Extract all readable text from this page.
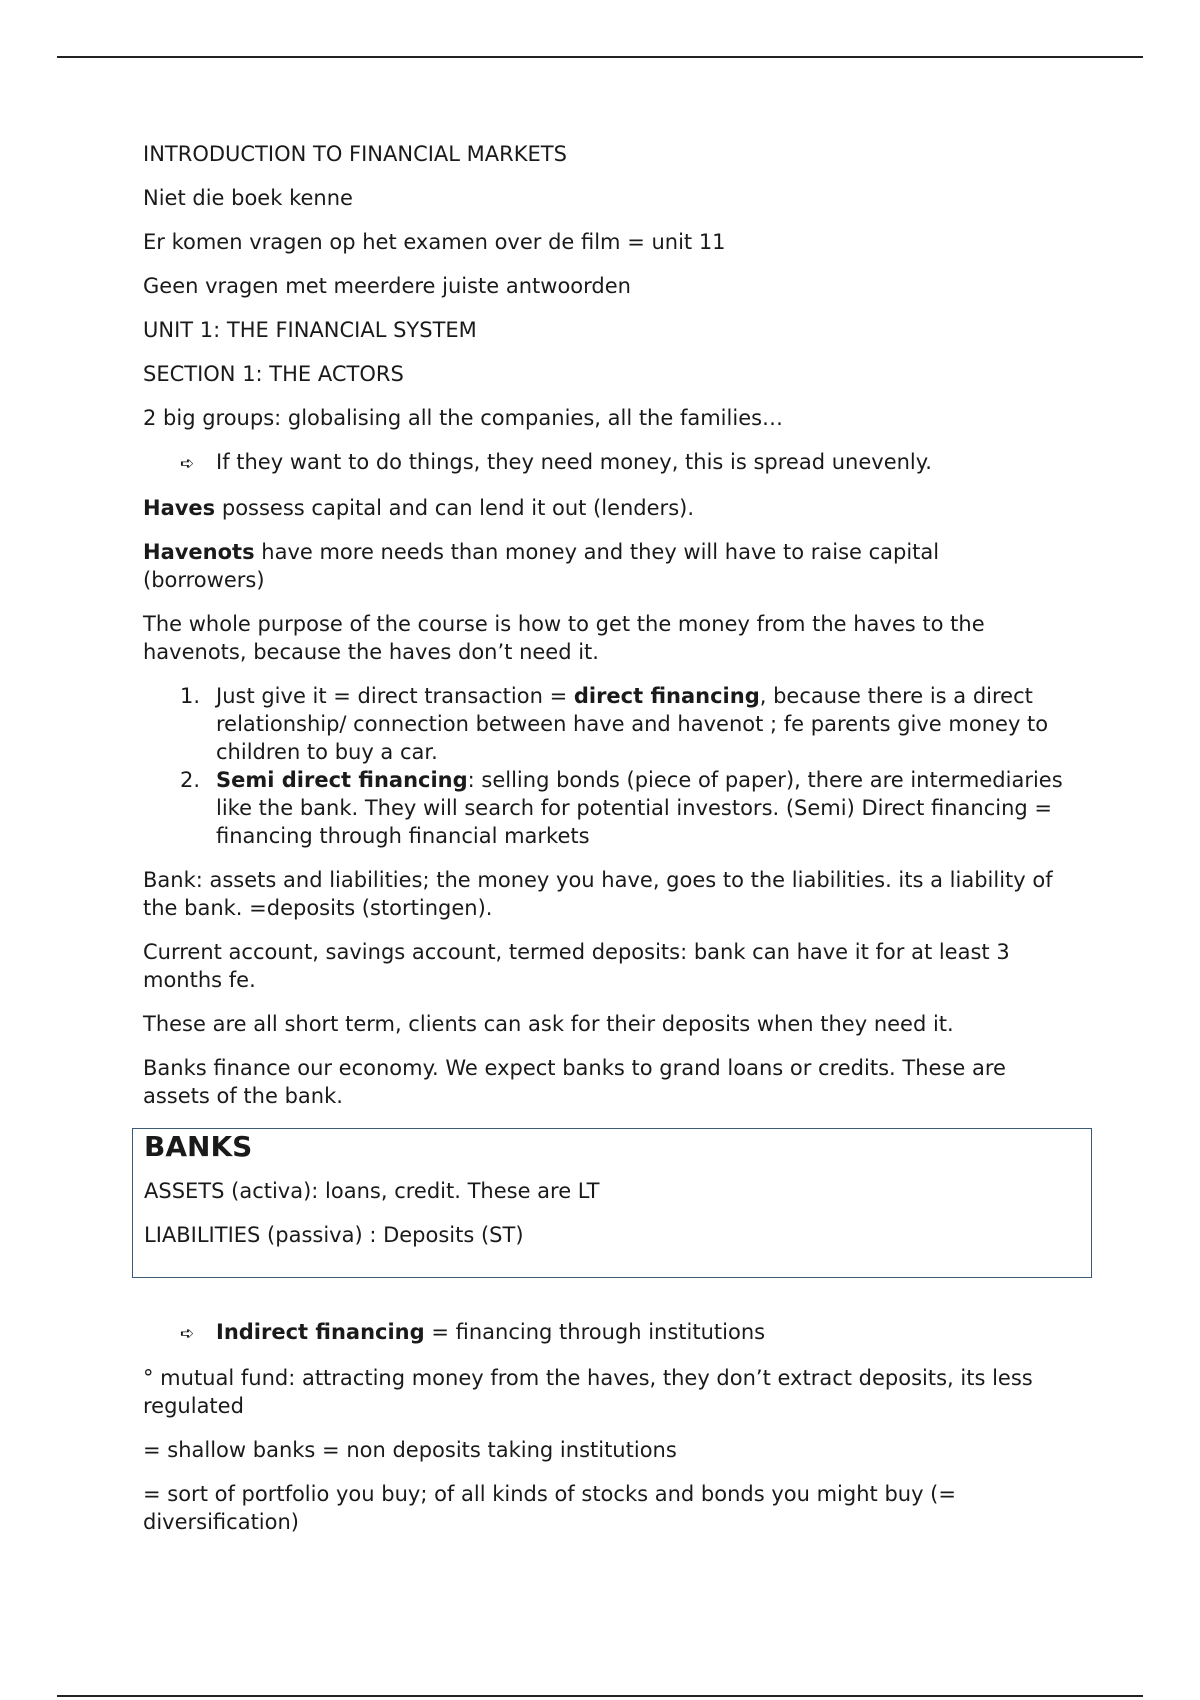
INTRODUCTION TO FINANCIAL MARKETS

Niet die boek kenne

Er komen vragen op het examen over de film = unit 11

Geen vragen met meerdere juiste antwoorden

UNIT 1: THE FINANCIAL SYSTEM

SECTION 1: THE ACTORS

2 big groups: globalising all the companies, all the families…

➪	If they want to do things, they need money, this is spread unevenly.

Haves possess capital and can lend it out (lenders).

Havenots have more needs than money and they will have to raise capital (borrowers)

The whole purpose of the course is how to get the money from the haves to the havenots, because the haves don’t need it.

1. Just give it = direct transaction = direct financing, because there is a direct relationship/ connection between have and havenot ; fe parents give money to children to buy a car.
2. Semi direct financing: selling bonds (piece of paper), there are intermediaries like the bank. They will search for potential investors. (Semi) Direct financing = financing through financial markets

Bank: assets and liabilities; the money you have, goes to the liabilities. its a liability of the bank. =deposits (stortingen).

Current account, savings account, termed deposits: bank can have it for at least 3 months fe.

These are all short term, clients can ask for their deposits when they need it.

Banks finance our economy. We expect banks to grand loans or credits. These are assets of the bank.

BANKS

ASSETS (activa): loans, credit. These are LT

LIABILITIES (passiva) : Deposits (ST)

➪	Indirect financing = financing through institutions

° mutual fund: attracting money from the haves, they don’t extract deposits, its less regulated

= shallow banks = non deposits taking institutions

= sort of portfolio you buy; of all kinds of stocks and bonds you might buy (= diversification)
